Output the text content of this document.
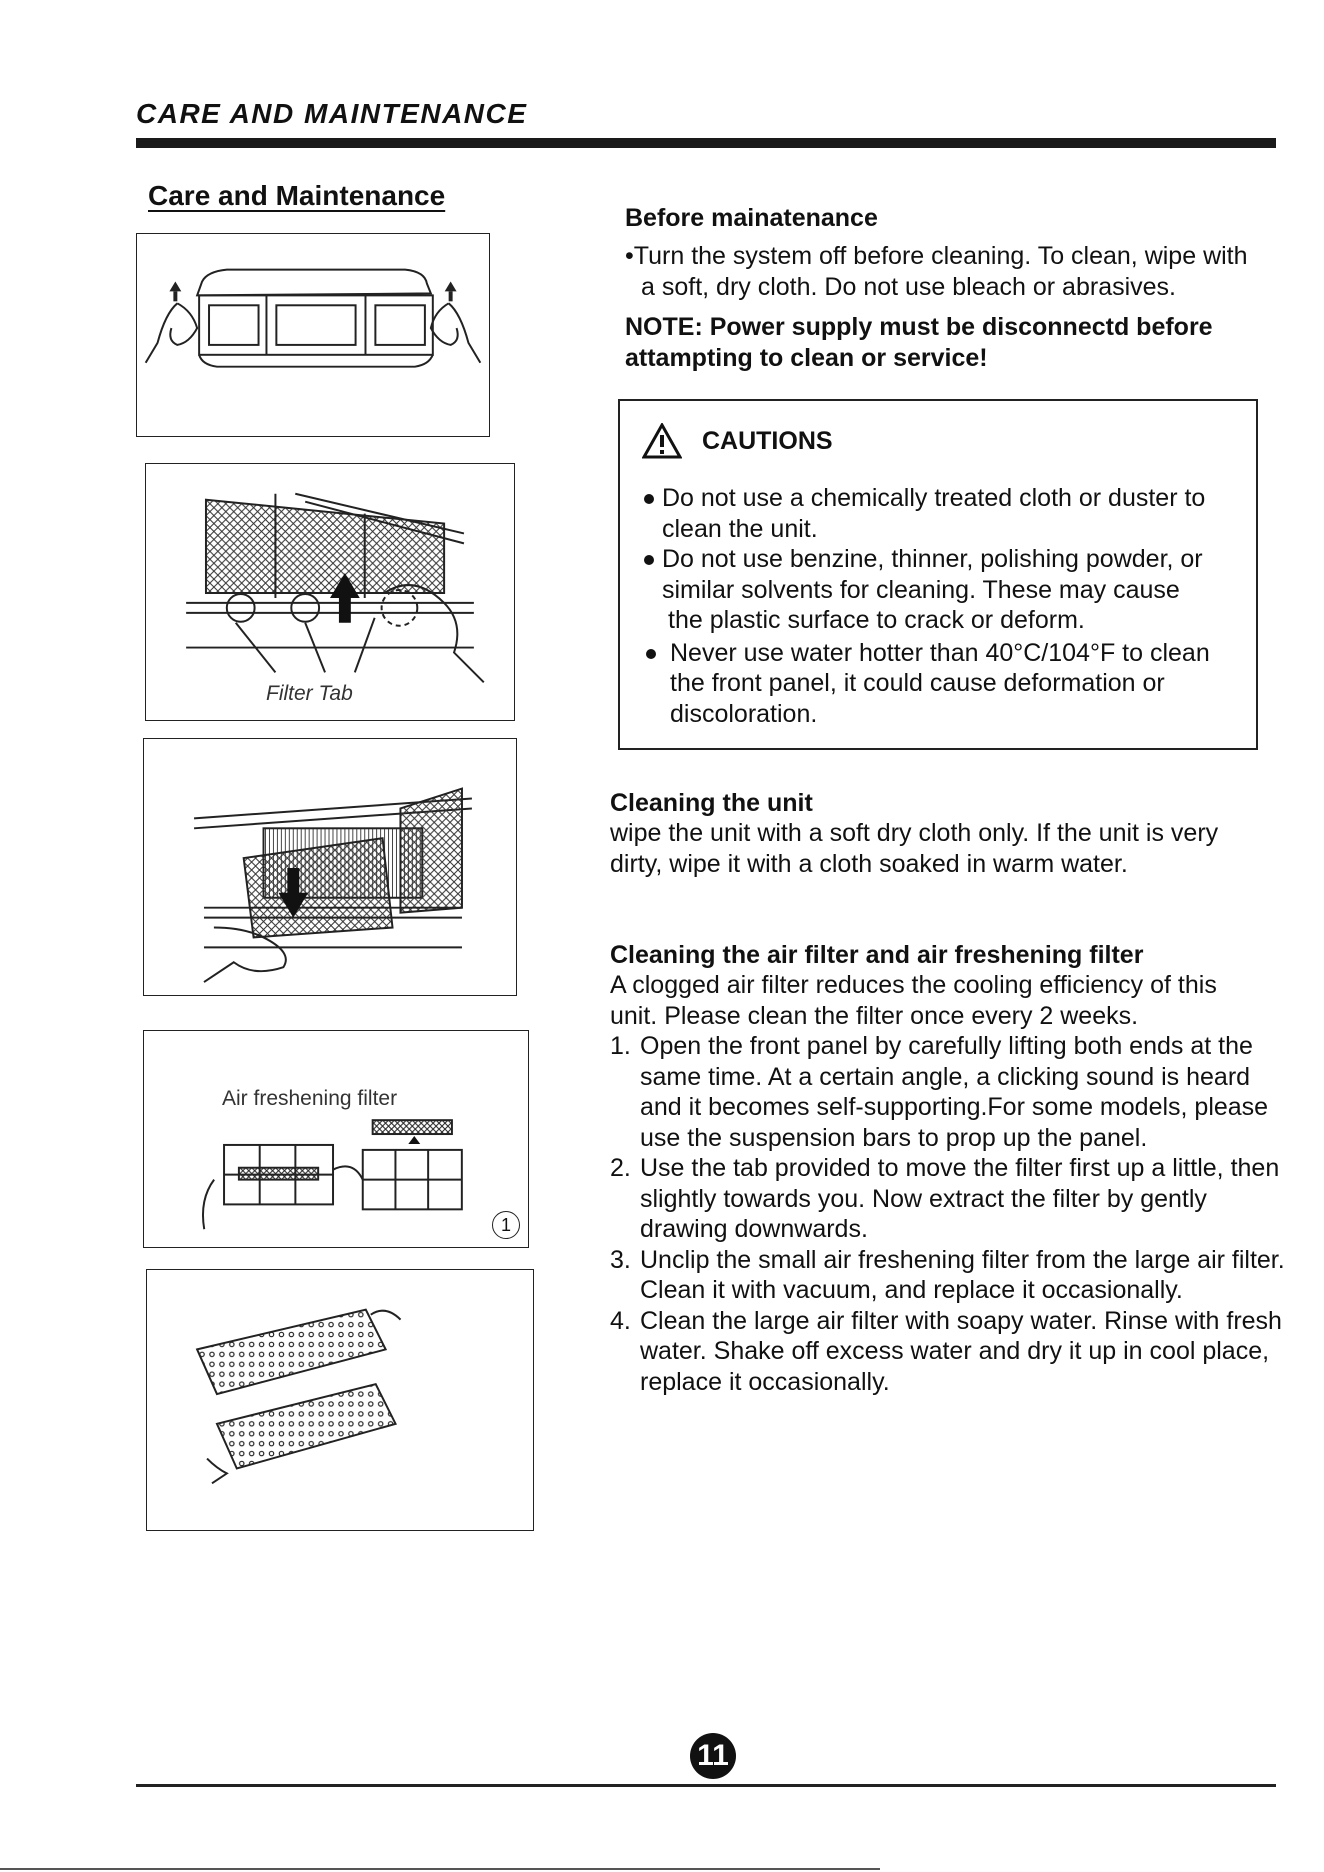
CARE AND MAINTENANCE
Care and Maintenance
Filter Tab
Air freshening filter
1
Before mainatenance
•Turn the system off before cleaning. To clean, wipe with
a soft, dry cloth. Do not use bleach or abrasives.
NOTE: Power supply must be disconnectd before attampting to clean or service!
CAUTIONS
Do not use a chemically treated cloth or duster to clean the unit.
Do not use benzine, thinner, polishing powder, or
similar solvents for cleaning. These may cause
the plastic surface to crack or deform.
Never use water hotter than 40°C/104°F to clean
the front panel, it could cause deformation or
discoloration.
Cleaning the unit
wipe the unit with a soft dry cloth only. If the unit is very dirty, wipe it with a cloth soaked in warm water.
Cleaning the air filter and air freshening filter
A clogged air filter reduces the cooling efficiency of this unit. Please clean the filter once every 2 weeks.
1. Open the front panel by carefully lifting both ends at the same time. At a certain angle, a clicking sound is heard and it becomes self-supporting.For some models, please use the suspension bars to prop up the panel.
2. Use the tab provided to move the filter first up a little, then slightly towards you. Now extract the filter by gently drawing downwards.
3. Unclip the small air freshening filter from the large air filter. Clean it with vacuum, and replace it occasionally.
4. Clean the large air filter with soapy water. Rinse with fresh water. Shake off excess water and dry it up in cool place, replace it occasionally.
11
